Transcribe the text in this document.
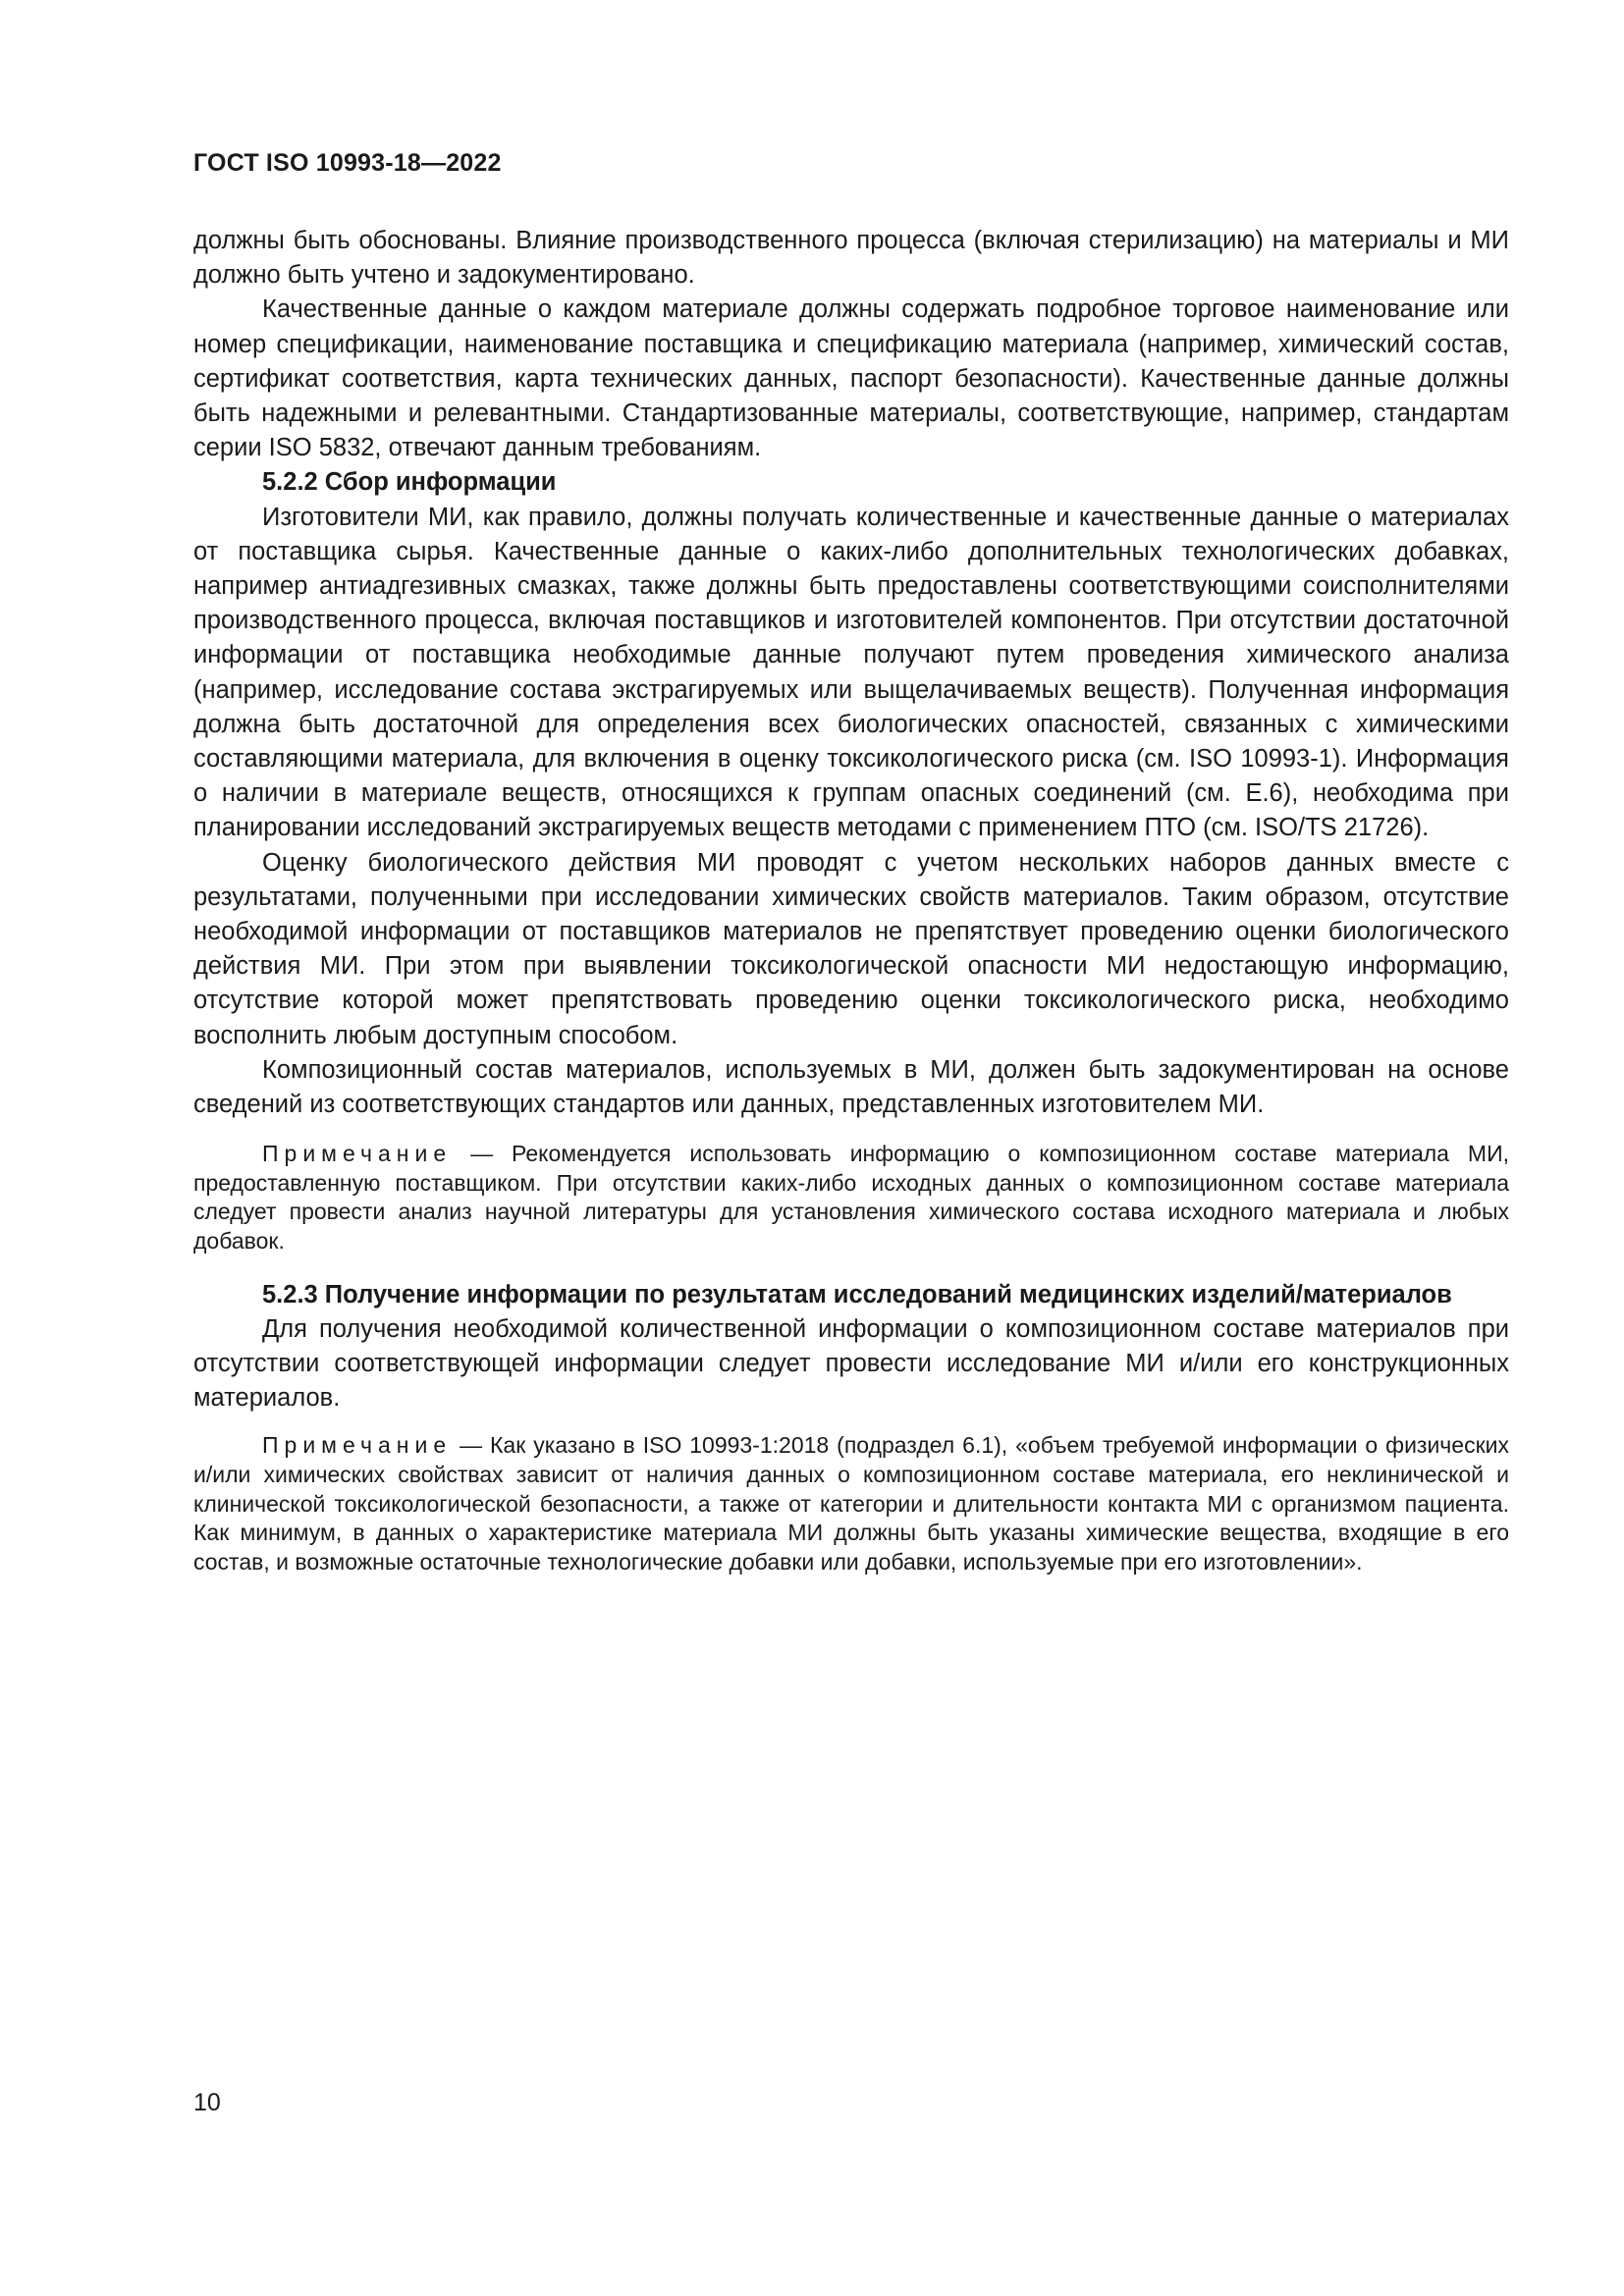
ГОСТ ISO 10993-18—2022

должны быть обоснованы. Влияние производственного процесса (включая стерилизацию) на материалы и МИ должно быть учтено и задокументировано.

Качественные данные о каждом материале должны содержать подробное торговое наименование или номер спецификации, наименование поставщика и спецификацию материала (например, химический состав, сертификат соответствия, карта технических данных, паспорт безопасности). Качественные данные должны быть надежными и релевантными. Стандартизованные материалы, соответствующие, например, стандартам серии ISO 5832, отвечают данным требованиям.

5.2.2 Сбор информации

Изготовители МИ, как правило, должны получать количественные и качественные данные о материалах от поставщика сырья. Качественные данные о каких-либо дополнительных технологических добавках, например антиадгезивных смазках, также должны быть предоставлены соответствующими соисполнителями производственного процесса, включая поставщиков и изготовителей компонентов. При отсутствии достаточной информации от поставщика необходимые данные получают путем проведения химического анализа (например, исследование состава экстрагируемых или выщелачиваемых веществ). Полученная информация должна быть достаточной для определения всех биологических опасностей, связанных с химическими составляющими материала, для включения в оценку токсикологического риска (см. ISO 10993-1). Информация о наличии в материале веществ, относящихся к группам опасных соединений (см. Е.6), необходима при планировании исследований экстрагируемых веществ методами с применением ПТО (см. ISO/TS 21726).

Оценку биологического действия МИ проводят с учетом нескольких наборов данных вместе с результатами, полученными при исследовании химических свойств материалов. Таким образом, отсутствие необходимой информации от поставщиков материалов не препятствует проведению оценки биологического действия МИ. При этом при выявлении токсикологической опасности МИ недостающую информацию, отсутствие которой может препятствовать проведению оценки токсикологического риска, необходимо восполнить любым доступным способом.

Композиционный состав материалов, используемых в МИ, должен быть задокументирован на основе сведений из соответствующих стандартов или данных, представленных изготовителем МИ.

Примечание — Рекомендуется использовать информацию о композиционном составе материала МИ, предоставленную поставщиком. При отсутствии каких-либо исходных данных о композиционном составе материала следует провести анализ научной литературы для установления химического состава исходного материала и любых добавок.

5.2.3 Получение информации по результатам исследований медицинских изделий/материалов

Для получения необходимой количественной информации о композиционном составе материалов при отсутствии соответствующей информации следует провести исследование МИ и/или его конструкционных материалов.

Примечание — Как указано в ISO 10993-1:2018 (подраздел 6.1), «объем требуемой информации о физических и/или химических свойствах зависит от наличия данных о композиционном составе материала, его неклинической и клинической токсикологической безопасности, а также от категории и длительности контакта МИ с организмом пациента. Как минимум, в данных о характеристике материала МИ должны быть указаны химические вещества, входящие в его состав, и возможные остаточные технологические добавки или добавки, используемые при его изготовлении».

10
